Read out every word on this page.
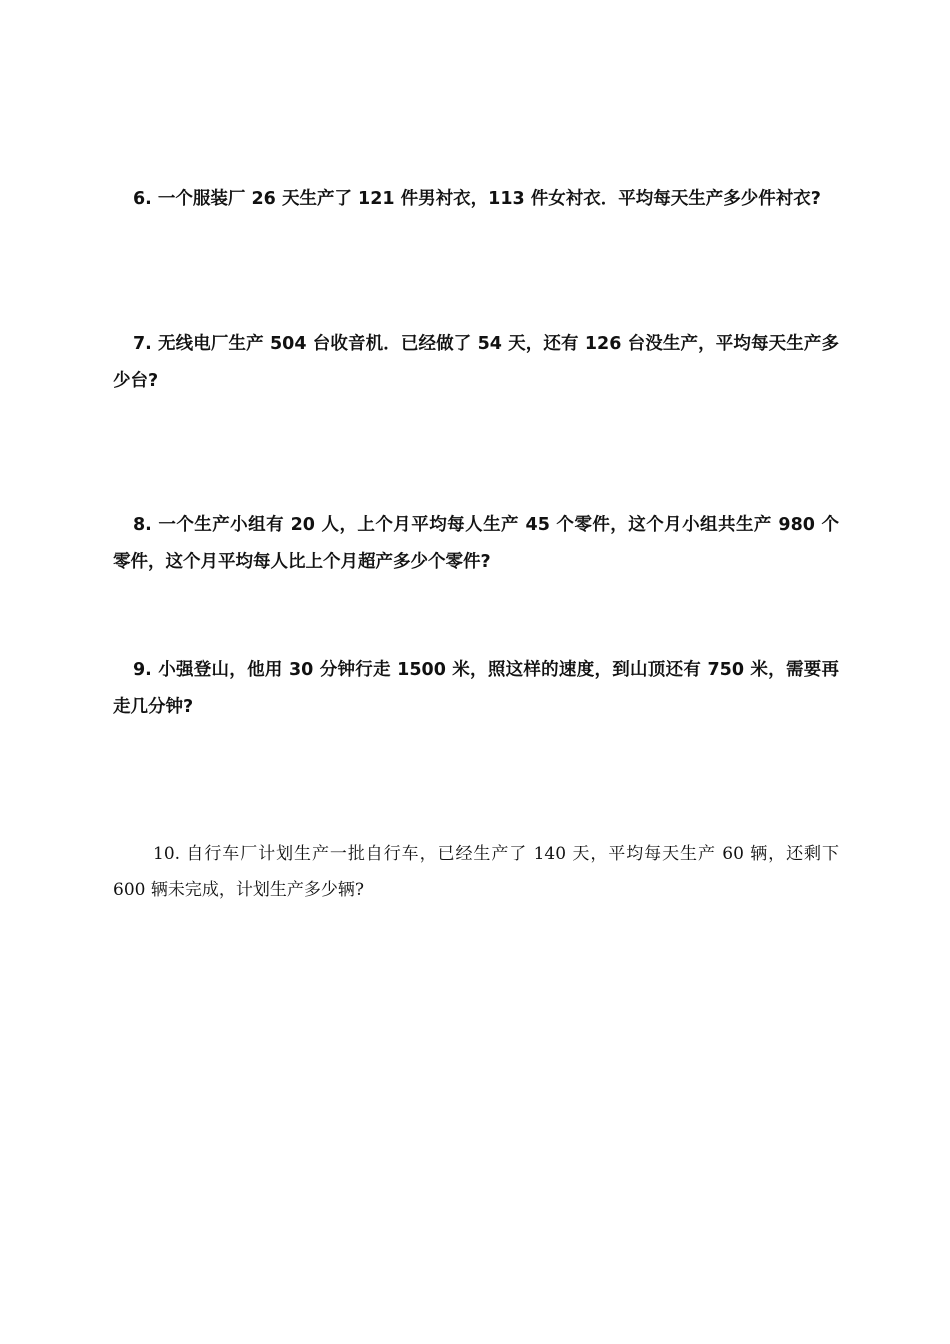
6. 一个服装厂 26 天生产了 121 件男衬衣，113 件女衬衣．平均每天生产多少件衬衣?

7. 无线电厂生产 504 台收音机．已经做了 54 天，还有 126 台没生产，平均每天生产多少台?

8. 一个生产小组有 20 人，上个月平均每人生产 45 个零件，这个月小组共生产 980 个零件，这个月平均每人比上个月超产多少个零件?

9. 小强登山，他用 30 分钟行走 1500 米，照这样的速度，到山顶还有 750 米，需要再走几分钟?

10. 自行车厂计划生产一批自行车，已经生产了 140 天，平均每天生产 60 辆，还剩下 600 辆未完成，计划生产多少辆?
